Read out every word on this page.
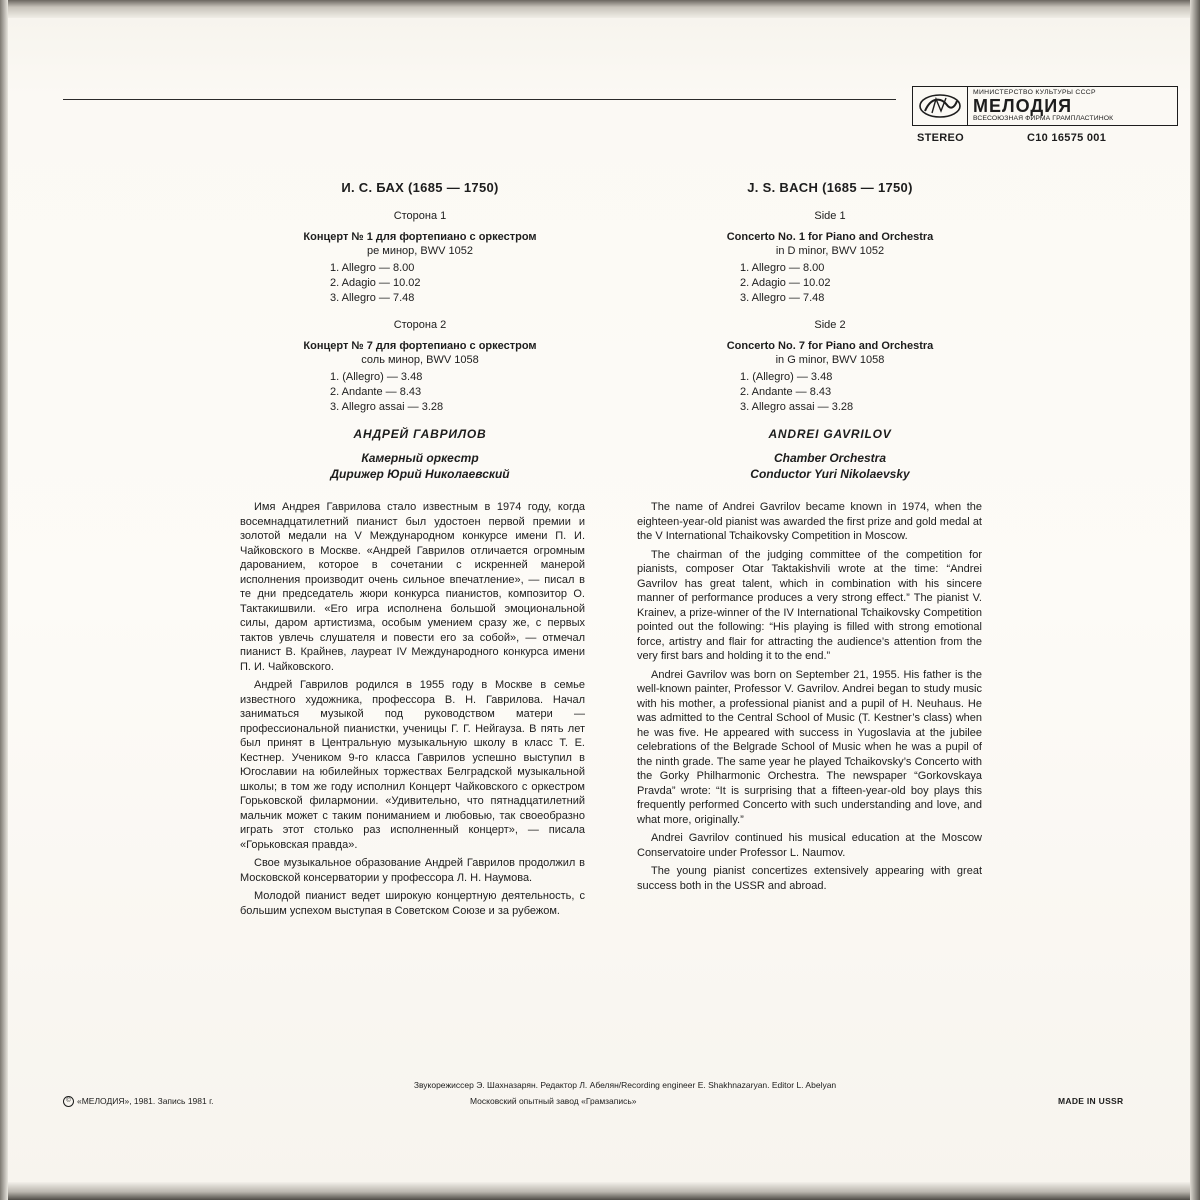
МИНИСТЕРСТВО КУЛЬТУРЫ СССР
МЕЛОДИЯ
ВСЕСОЮЗНАЯ ФИРМА ГРАМПЛАСТИНОК
STEREO	С10 16575 001
И. С. БАХ (1685 — 1750)
Сторона 1
Концерт № 1 для фортепиано с оркестром
ре минор, BWV 1052
1. Allegro — 8.00
2. Adagio — 10.02
3. Allegro — 7.48
Сторона 2
Концерт № 7 для фортепиано с оркестром
соль минор, BWV 1058
1. (Allegro) — 3.48
2. Andante — 8.43
3. Allegro assai — 3.28
АНДРЕЙ ГАВРИЛОВ
Камерный оркестр
Дирижер Юрий Николаевский
J. S. BACH (1685 — 1750)
Side 1
Concerto No. 1 for Piano and Orchestra
in D minor, BWV 1052
1. Allegro — 8.00
2. Adagio — 10.02
3. Allegro — 7.48
Side 2
Concerto No. 7 for Piano and Orchestra
in G minor, BWV 1058
1. (Allegro) — 3.48
2. Andante — 8.43
3. Allegro assai — 3.28
ANDREI GAVRILOV
Chamber Orchestra
Conductor Yuri Nikolaevsky

Имя Андрея Гаврилова стало известным в 1974 году, когда восемнадцатилетний пианист был удостоен первой премии и золотой медали на V Международном конкурсе имени П. И. Чайковского в Москве. «Андрей Гаврилов отличается огромным дарованием, которое в сочетании с искренней манерой исполнения производит очень сильное впечатление», — писал в те дни председатель жюри конкурса пианистов, композитор О. Тактакишвили. «Его игра исполнена большой эмоциональной силы, даром артистизма, особым умением сразу же, с первых тактов увлечь слушателя и повести его за собой», — отмечал пианист В. Крайнев, лауреат IV Международного конкурса имени П. И. Чайковского.

Андрей Гаврилов родился в 1955 году в Москве в семье известного художника, профессора В. Н. Гаврилова. Начал заниматься музыкой под руководством матери — профессиональной пианистки, ученицы Г. Г. Нейгауза. В пять лет был принят в Центральную музыкальную школу в класс Т. Е. Кестнер. Учеником 9-го класса Гаврилов успешно выступил в Югославии на юбилейных торжествах Белградской музыкальной школы; в том же году исполнил Концерт Чайковского с оркестром Горьковской филармонии. «Удивительно, что пятнадцатилетний мальчик может с таким пониманием и любовью, так своеобразно играть этот столько раз исполненный концерт», — писала «Горьковская правда».

Свое музыкальное образование Андрей Гаврилов продолжил в Московской консерватории у профессора Л. Н. Наумова.

Молодой пианист ведет широкую концертную деятельность, с большим успехом выступая в Советском Союзе и за рубежом.

The name of Andrei Gavrilov became known in 1974, when the eighteen-year-old pianist was awarded the first prize and gold medal at the V International Tchaikovsky Competition in Moscow.

The chairman of the judging committee of the competition for pianists, composer Otar Taktakishvili wrote at the time: “Andrei Gavrilov has great talent, which in combination with his sincere manner of performance produces a very strong effect.” The pianist V. Krainev, a prize-winner of the IV International Tchaikovsky Competition pointed out the following: “His playing is filled with strong emotional force, artistry and flair for attracting the audience’s attention from the very first bars and holding it to the end.”

Andrei Gavrilov was born on September 21, 1955. His father is the well-known painter, Professor V. Gavrilov. Andrei began to study music with his mother, a professional pianist and a pupil of H. Neuhaus. He was admitted to the Central School of Music (T. Kestner’s class) when he was five. He appeared with success in Yugoslavia at the jubilee celebrations of the Belgrade School of Music when he was a pupil of the ninth grade. The same year he played Tchaikovsky’s Concerto with the Gorky Philharmonic Orchestra. The newspaper “Gorkovskaya Pravda” wrote: “It is surprising that a fifteen-year-old boy plays this frequently performed Concerto with such understanding and love, and what more, originally.”

Andrei Gavrilov continued his musical education at the Moscow Conservatoire under Professor L. Naumov.

The young pianist concertizes extensively appearing with great success both in the USSR and abroad.

Звукорежиссер Э. Шахназарян. Редактор Л. Абелян/Recording engineer E. Shakhnazaryan. Editor L. Abelyan
© «МЕЛОДИЯ», 1981. Запись 1981 г.	Московский опытный завод «Грамзапись»	MADE IN USSR
